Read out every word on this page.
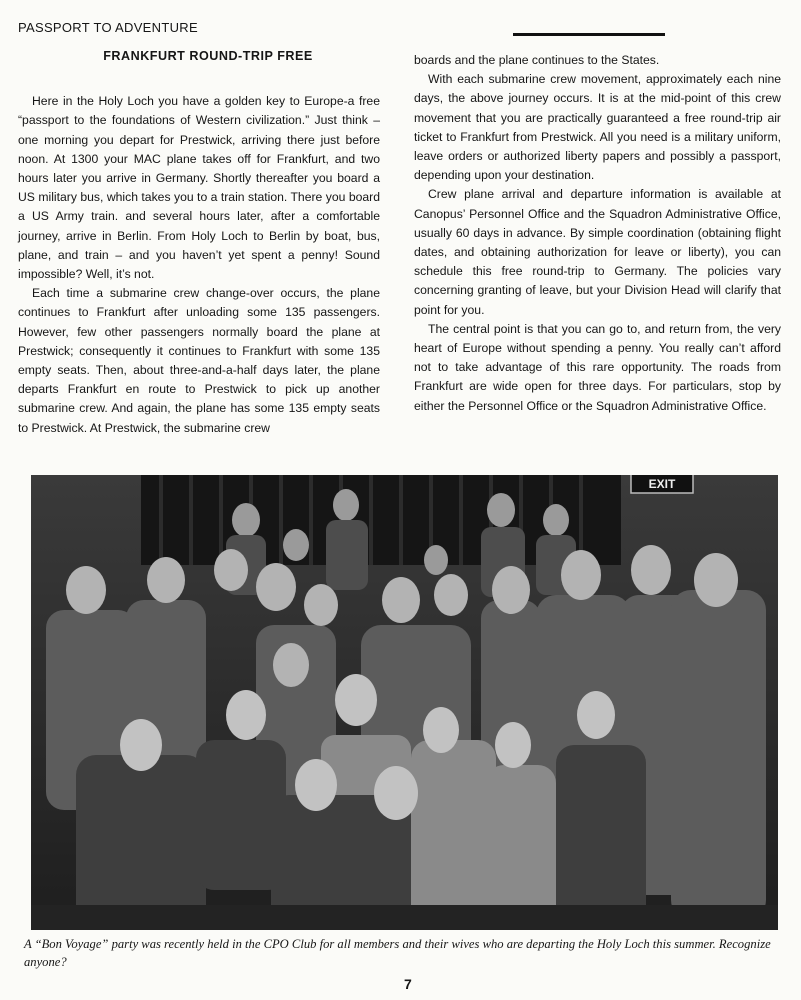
PASSPORT TO ADVENTURE
FRANKFURT ROUND-TRIP FREE

Here in the Holy Loch you have a golden key to Europe-a free “passport to the foundations of Western civilization.” Just think – one morning you depart for Prestwick, arriving there just before noon. At 1300 your MAC plane takes off for Frankfurt, and two hours later you arrive in Germany. Shortly thereafter you board a US military bus, which takes you to a train station. There you board a US Army train. and several hours later, after a comfortable journey, arrive in Berlin. From Holy Loch to Berlin by boat, bus, plane, and train – and you haven’t yet spent a penny! Sound impossible? Well, it’s not.

Each time a submarine crew change-over occurs, the plane continues to Frankfurt after unloading some 135 passengers. However, few other passengers normally board the plane at Prestwick; consequently it continues to Frankfurt with some 135 empty seats. Then, about three-and-a-half days later, the plane departs Frankfurt en route to Prestwick to pick up another submarine crew. And again, the plane has some 135 empty seats to Prestwick. At Prestwick, the submarine crew

boards and the plane continues to the States.

With each submarine crew movement, approximately each nine days, the above journey occurs. It is at the mid-point of this crew movement that you are practically guaranteed a free round-trip air ticket to Frankfurt from Prestwick. All you need is a military uniform, leave orders or authorized liberty papers and possibly a passport, depending upon your destination.

Crew plane arrival and departure information is available at Canopus’ Personnel Office and the Squadron Administrative Office, usually 60 days in advance. By simple coordination (obtaining flight dates, and obtaining authorization for leave or liberty), you can schedule this free round-trip to Germany. The policies vary concerning granting of leave, but your Division Head will clarify that point for you.

The central point is that you can go to, and return from, the very heart of Europe without spending a penny. You really can’t afford not to take advantage of this rare opportunity. The roads from Frankfurt are wide open for three days. For particulars, stop by either the Personnel Office or the Squadron Administrative Office.

EXIT
A “Bon Voyage” party was recently held in the CPO Club for all members and their wives who are departing the Holy Loch this summer. Recognize anyone?
7
